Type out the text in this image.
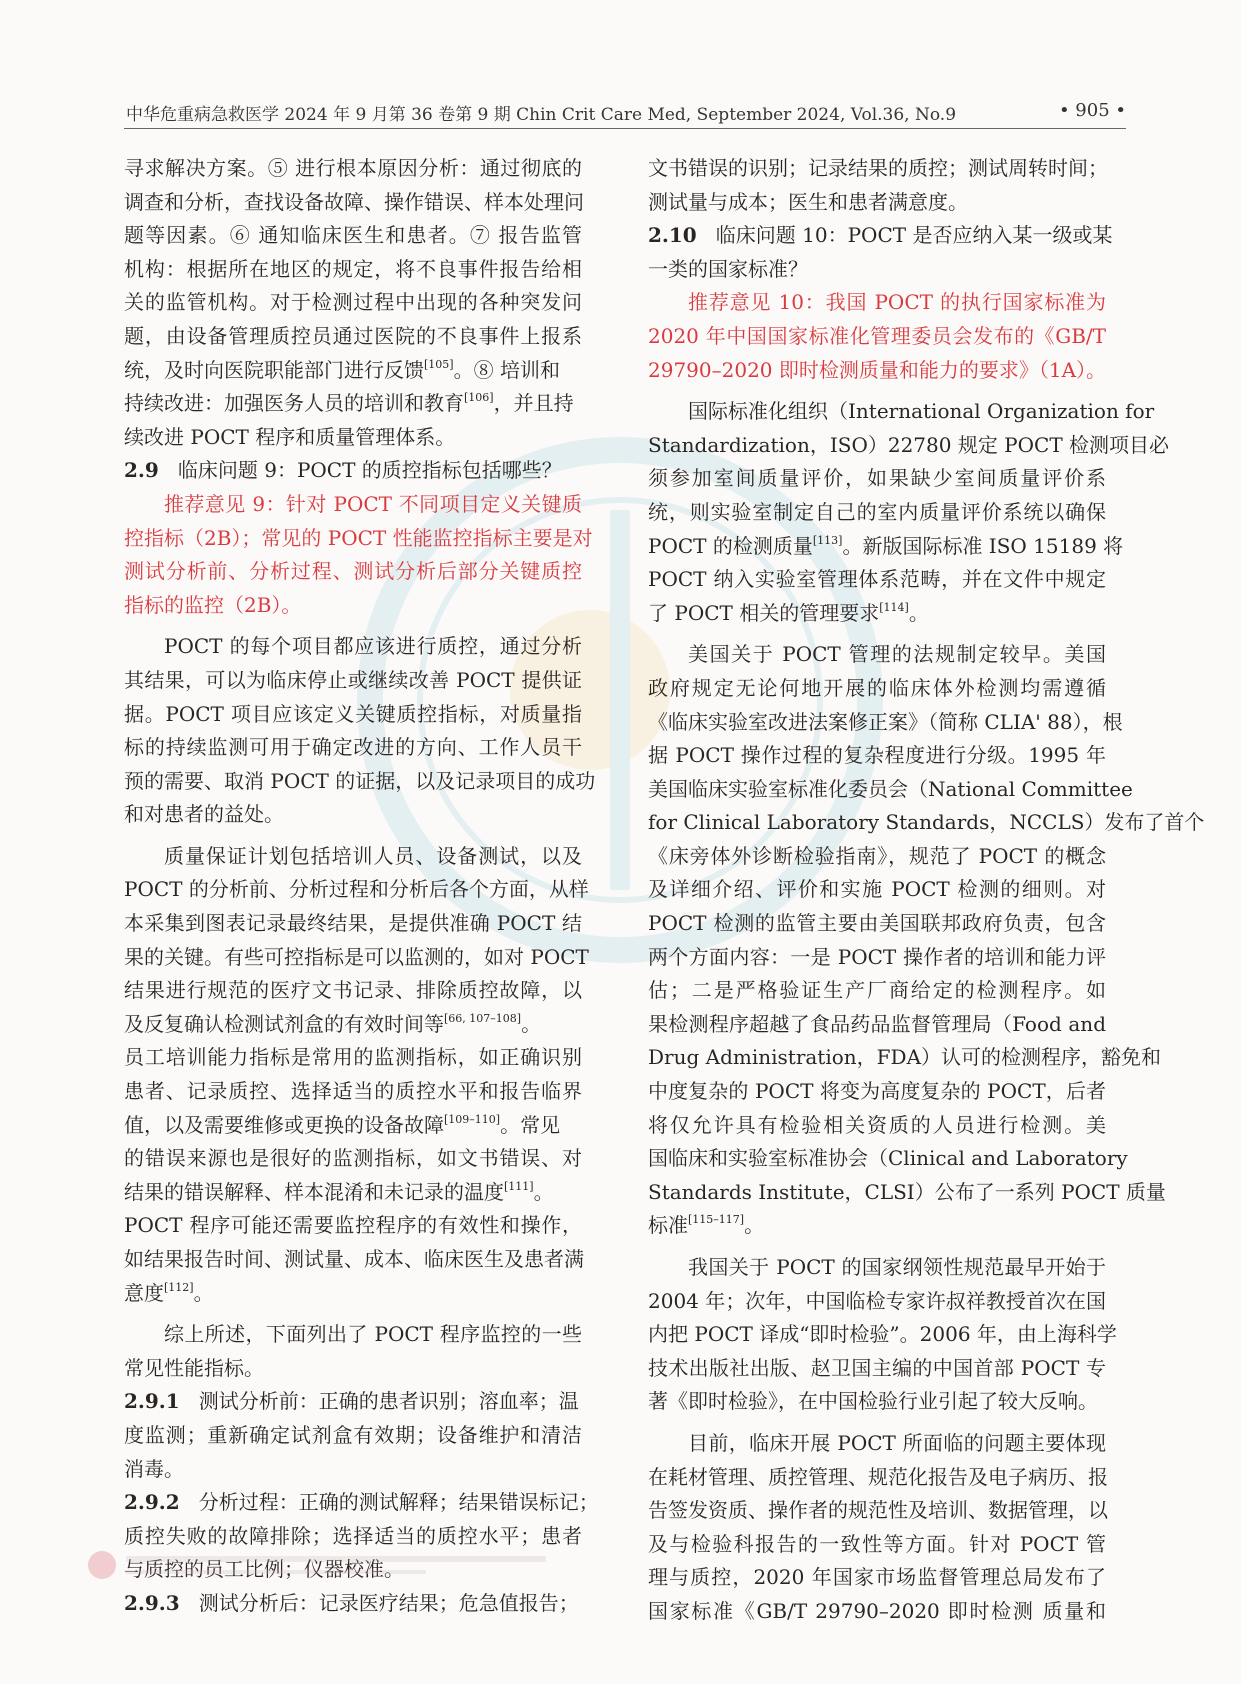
中华危重病急救医学 2024 年 9 月第 36 卷第 9 期 Chin Crit Care Med, September 2024, Vol.36, No.9	• 905 •
寻求解决方案。⑤ 进行根本原因分析：通过彻底的
调查和分析，查找设备故障、操作错误、样本处理问
题等因素。⑥ 通知临床医生和患者。⑦ 报告监管
机构：根据所在地区的规定，将不良事件报告给相
关的监管机构。对于检测过程中出现的各种突发问
题，由设备管理质控员通过医院的不良事件上报系
统，及时向医院职能部门进行反馈[105]。⑧ 培训和
持续改进：加强医务人员的培训和教育[106]，并且持
续改进 POCT 程序和质量管理体系。
2.9 临床问题 9：POCT 的质控指标包括哪些？
推荐意见 9：针对 POCT 不同项目定义关键质
控指标（2B）；常见的 POCT 性能监控指标主要是对
测试分析前、分析过程、测试分析后部分关键质控
指标的监控（2B）。
POCT 的每个项目都应该进行质控，通过分析
其结果，可以为临床停止或继续改善 POCT 提供证
据。POCT 项目应该定义关键质控指标，对质量指
标的持续监测可用于确定改进的方向、工作人员干
预的需要、取消 POCT 的证据，以及记录项目的成功
和对患者的益处。
质量保证计划包括培训人员、设备测试，以及
POCT 的分析前、分析过程和分析后各个方面，从样
本采集到图表记录最终结果，是提供准确 POCT 结
果的关键。有些可控指标是可以监测的，如对 POCT
结果进行规范的医疗文书记录、排除质控故障，以
及反复确认检测试剂盒的有效时间等[66, 107–108]。
员工培训能力指标是常用的监测指标，如正确识别
患者、记录质控、选择适当的质控水平和报告临界
值，以及需要维修或更换的设备故障[109–110]。常见
的错误来源也是很好的监测指标，如文书错误、对
结果的错误解释、样本混淆和未记录的温度[111]。
POCT 程序可能还需要监控程序的有效性和操作，
如结果报告时间、测试量、成本、临床医生及患者满
意度[112]。
综上所述，下面列出了 POCT 程序监控的一些
常见性能指标。
2.9.1 测试分析前：正确的患者识别；溶血率；温
度监测；重新确定试剂盒有效期；设备维护和清洁
消毒。
2.9.2 分析过程：正确的测试解释；结果错误标记；
质控失败的故障排除；选择适当的质控水平；患者
与质控的员工比例；仪器校准。
2.9.3 测试分析后：记录医疗结果；危急值报告；
文书错误的识别；记录结果的质控；测试周转时间；
测试量与成本；医生和患者满意度。
2.10 临床问题 10：POCT 是否应纳入某一级或某
一类的国家标准？
推荐意见 10：我国 POCT 的执行国家标准为
2020 年中国国家标准化管理委员会发布的《GB/T
29790–2020 即时检测质量和能力的要求》（1A）。
国际标准化组织（International Organization for
Standardization，ISO）22780 规定 POCT 检测项目必
须参加室间质量评价，如果缺少室间质量评价系
统，则实验室制定自己的室内质量评价系统以确保
POCT 的检测质量[113]。新版国际标准 ISO 15189 将
POCT 纳入实验室管理体系范畴，并在文件中规定
了 POCT 相关的管理要求[114]。
美国关于 POCT 管理的法规制定较早。美国
政府规定无论何地开展的临床体外检测均需遵循
《临床实验室改进法案修正案》（简称 CLIA' 88），根
据 POCT 操作过程的复杂程度进行分级。1995 年
美国临床实验室标准化委员会（National Committee
for Clinical Laboratory Standards，NCCLS）发布了首个
《床旁体外诊断检验指南》，规范了 POCT 的概念
及详细介绍、评价和实施 POCT 检测的细则。对
POCT 检测的监管主要由美国联邦政府负责，包含
两个方面内容：一是 POCT 操作者的培训和能力评
估；二是严格验证生产厂商给定的检测程序。如
果检测程序超越了食品药品监督管理局（Food and
Drug Administration，FDA）认可的检测程序，豁免和
中度复杂的 POCT 将变为高度复杂的 POCT，后者
将仅允许具有检验相关资质的人员进行检测。美
国临床和实验室标准协会（Clinical and Laboratory
Standards Institute，CLSI）公布了一系列 POCT 质量
标准[115–117]。
我国关于 POCT 的国家纲领性规范最早开始于
2004 年；次年，中国临检专家许叔祥教授首次在国
内把 POCT 译成“即时检验”。2006 年，由上海科学
技术出版社出版、赵卫国主编的中国首部 POCT 专
著《即时检验》，在中国检验行业引起了较大反响。
目前，临床开展 POCT 所面临的问题主要体现
在耗材管理、质控管理、规范化报告及电子病历、报
告签发资质、操作者的规范性及培训、数据管理，以
及与检验科报告的一致性等方面。针对 POCT 管
理与质控，2020 年国家市场监督管理总局发布了
国家标准《GB/T 29790–2020 即时检测 质量和
